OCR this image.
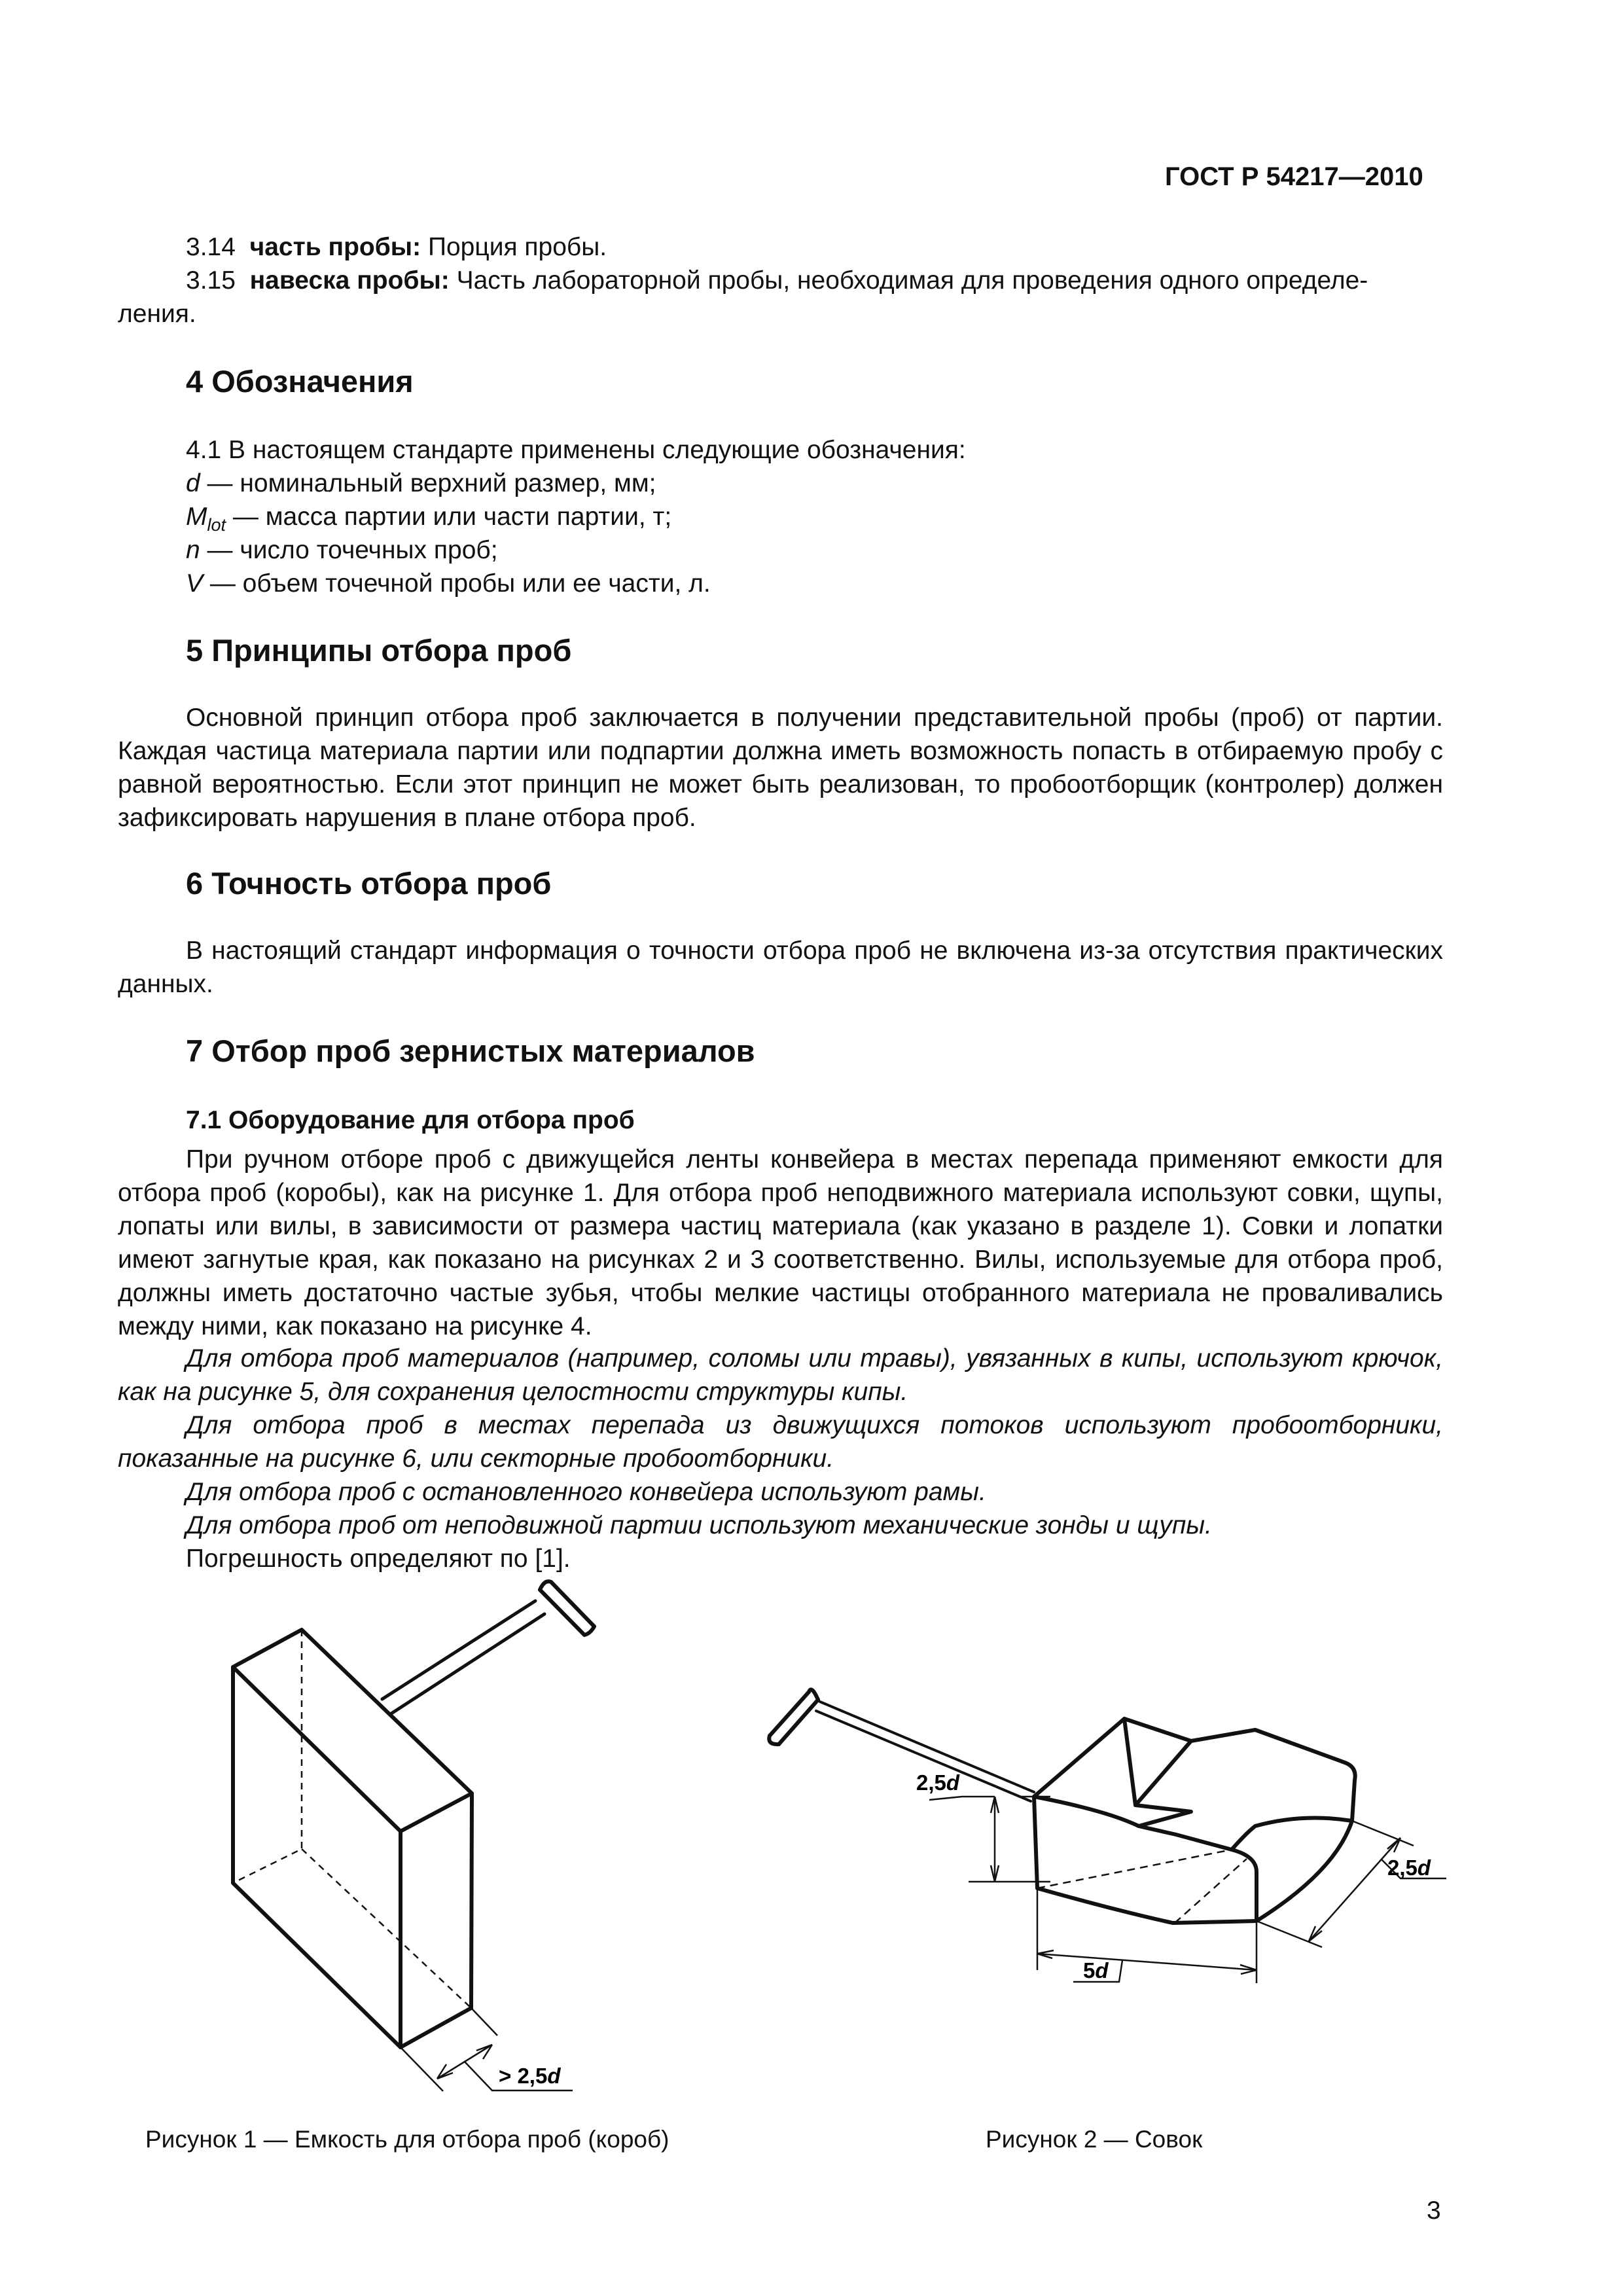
ГОСТ Р 54217—2010
3.14 часть пробы: Порция пробы.
3.15 навеска пробы: Часть лабораторной пробы, необходимая для проведения одного определе-
ления.
4 Обозначения
4.1 В настоящем стандарте применены следующие обозначения:
d — номинальный верхний размер, мм;
$M_{lot}$ — масса партии или части партии, т;
n — число точечных проб;
V — объем точечной пробы или ее части, л.
5 Принципы отбора проб

Основной принцип отбора проб заключается в получении представительной пробы (проб) от партии. Каждая частица материала партии или подпартии должна иметь возможность попасть в отбираемую пробу с равной вероятностью. Если этот принцип не может быть реализован, то пробоотборщик (контролер) должен зафиксировать нарушения в плане отбора проб.

6 Точность отбора проб

В настоящий стандарт информация о точности отбора проб не включена из-за отсутствия практических данных.

7 Отбор проб зернистых материалов
7.1 Оборудование для отбора проб

При ручном отборе проб с движущейся ленты конвейера в местах перепада применяют емкости для отбора проб (коробы), как на рисунке 1. Для отбора проб неподвижного материала используют совки, щупы, лопаты или вилы, в зависимости от размера частиц материала (как указано в разделе 1). Совки и лопатки имеют загнутые края, как показано на рисунках 2 и 3 соответственно. Вилы, используемые для отбора проб, должны иметь достаточно частые зубья, чтобы мелкие частицы отобранного материала не проваливались между ними, как показано на рисунке 4.

Для отбора проб материалов (например, соломы или травы), увязанных в кипы, используют крючок, как на рисунке 5, для сохранения целостности структуры кипы.

Для отбора проб в местах перепада из движущихся потоков используют пробоотборники, показанные на рисунке 6, или секторные пробоотборники.

Для отбора проб с остановленного конвейера используют рамы.
Для отбора проб от неподвижной партии используют механические зонды и щупы.
Погрешность определяют по [1].
> 2,5d
Рисунок 1 — Емкость для отбора проб (короб)
2,5d
2,5d
5d
Рисунок 2 — Совок
3
